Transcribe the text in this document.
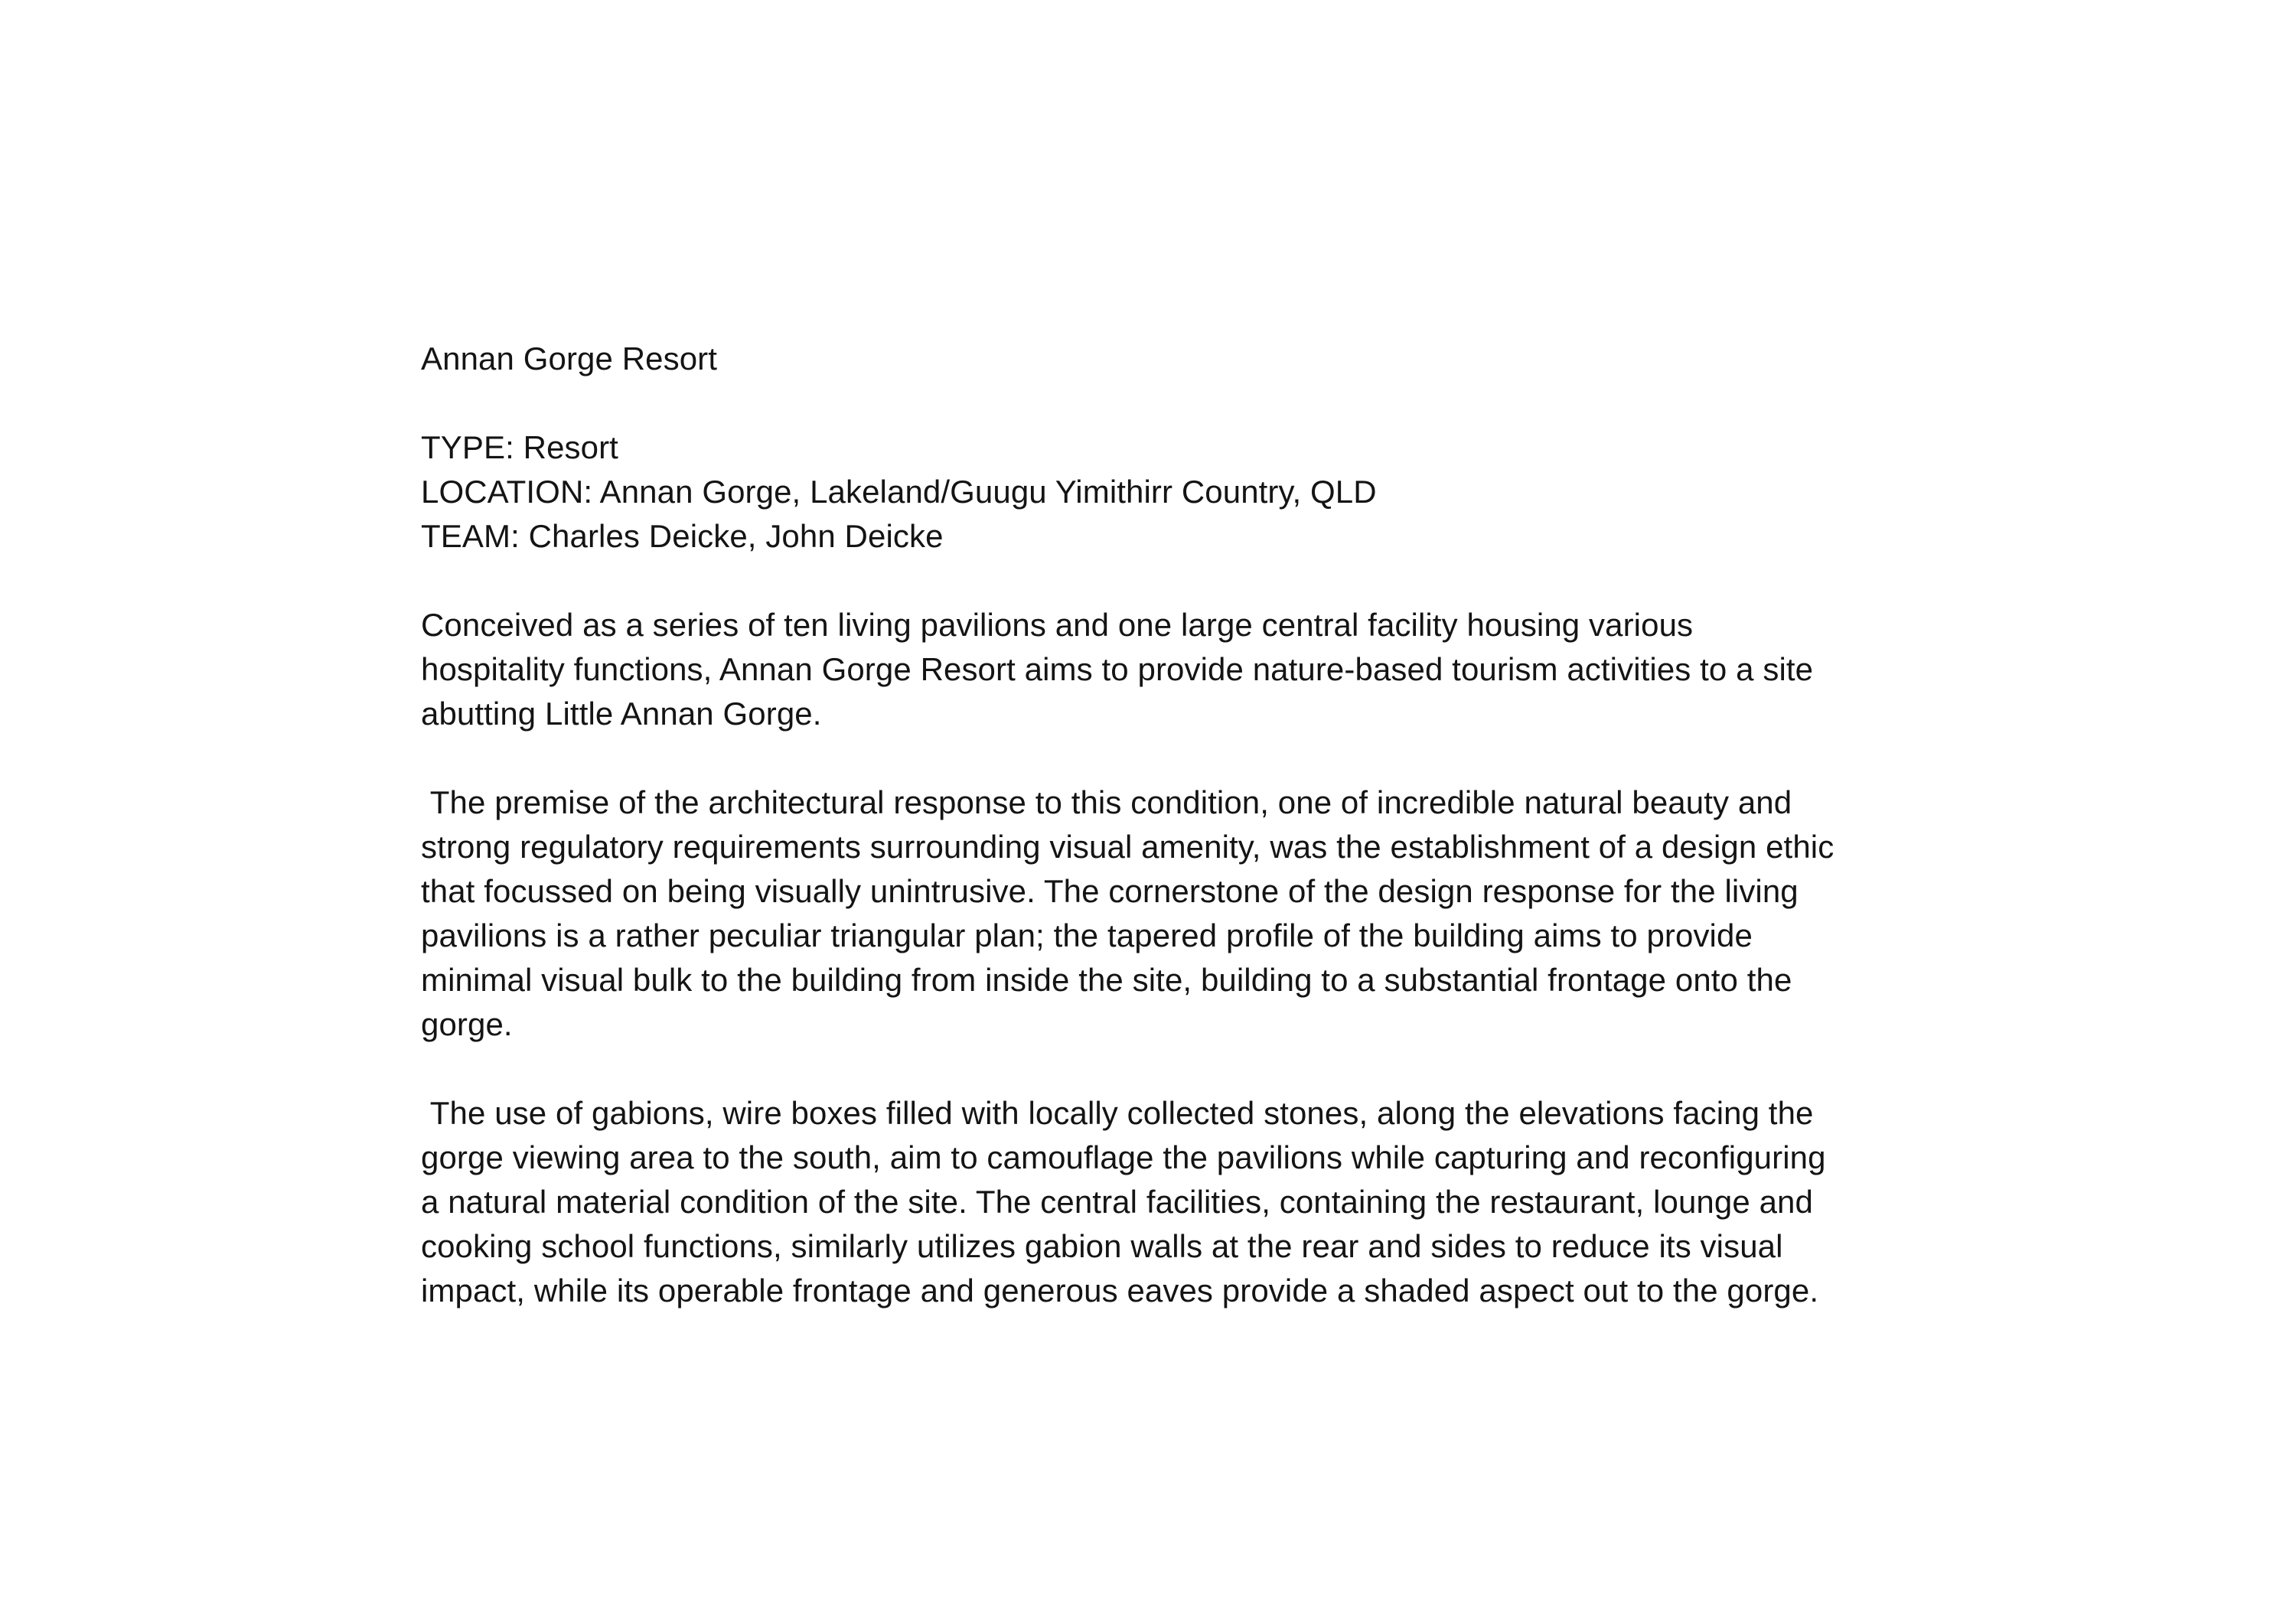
Annan Gorge Resort

TYPE: Resort

LOCATION: Annan Gorge, Lakeland/Guugu Yimithirr Country, QLD

TEAM: Charles Deicke, John Deicke

Conceived as a series of ten living pavilions and one large central facility housing various hospitality functions, Annan Gorge Resort aims to provide nature-based tourism activities to a site abutting Little Annan Gorge.

The premise of the architectural response to this condition, one of incredible natural beauty and strong regulatory requirements surrounding visual amenity, was the establishment of a design ethic that focussed on being visually unintrusive. The cornerstone of the design response for the living pavilions is a rather peculiar triangular plan; the tapered profile of the building aims to provide minimal visual bulk to the building from inside the site, building to a substantial frontage onto the gorge.

The use of gabions, wire boxes filled with locally collected stones, along the elevations facing the gorge viewing area to the south, aim to camouflage the pavilions while capturing and reconfiguring a natural material condition of the site. The central facilities, containing the restaurant, lounge and cooking school functions, similarly utilizes gabion walls at the rear and sides to reduce its visual impact, while its operable frontage and generous eaves provide a shaded aspect out to the gorge.
